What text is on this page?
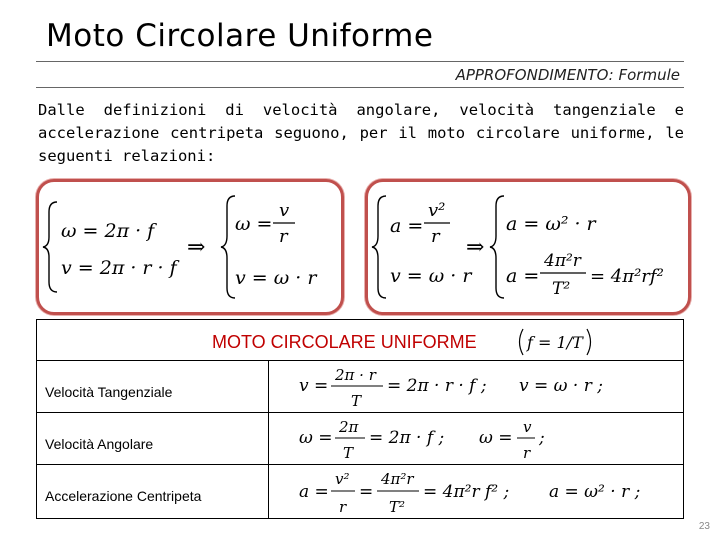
Moto Circolare Uniforme
APPROFONDIMENTO: Formule
Dalle definizioni di velocità angolare, velocità tangenziale e accelerazione centripeta seguono, per il moto circolare uniforme, le seguenti relazioni:
ω = 2π · f
v = 2π · r · f
⇒
ω =
v
r
v = ω · r
a =
v²
r
v = ω · r
⇒
a = ω² · r
a =
4π²r
T²
= 4π²rf²
MOTO CIRCOLARE UNIFORME	f = 1/T
Velocità Tangenziale	v =
2π · r
T
= 2π · r · f ; v = ω · r ;
Velocità Angolare	ω =
2π
T
= 2π · f ; ω =
v
r
;
Accelerazione Centripeta	a =
v²
r
=
4π²r
T²
= 4π²r f² ; a = ω² · r ;
23
